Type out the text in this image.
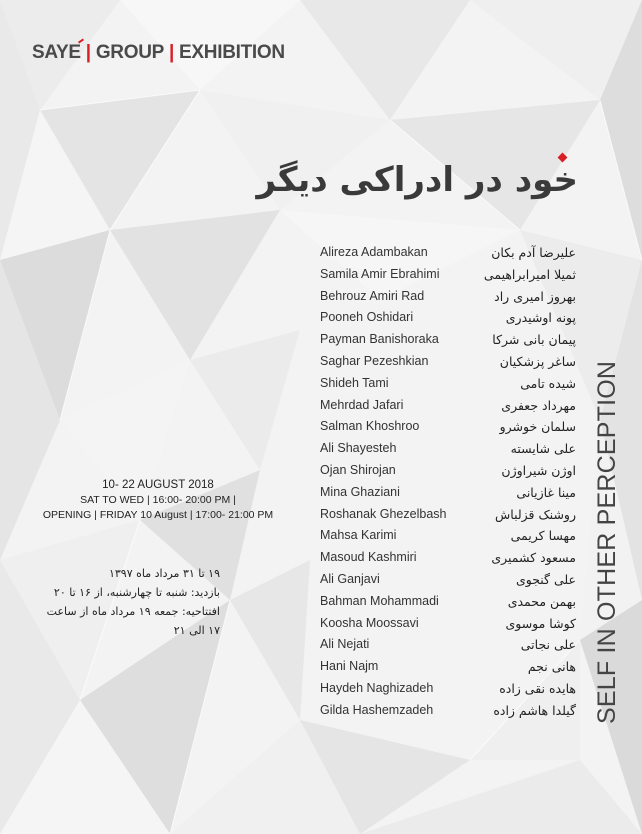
SAYE | GROUP | EXHIBITION
خود در ادراکی دیگر
Alireza Adambakan	علیرضا آدم بکان
Samila Amir Ebrahimi	ثمیلا امیرابراهیمی
Behrouz Amiri Rad	بهروز امیری راد
Pooneh Oshidari	پونه اوشیدری
Payman Banishoraka	پیمان بانی شرکا
Saghar Pezeshkian	ساغر پزشکیان
Shideh Tami	شیده تامی
Mehrdad Jafari	مهرداد جعفری
Salman Khoshroo	سلمان خوشرو
Ali Shayesteh	علی شایسته
Ojan Shirojan	اوژن شیراوژن
Mina Ghaziani	مینا غازیانی
Roshanak Ghezelbash	روشنک قزلباش
Mahsa Karimi	مهسا کریمی
Masoud Kashmiri	مسعود کشمیری
Ali Ganjavi	علی گنجوی
Bahman Mohammadi	بهمن محمدی
Koosha Moossavi	کوشا موسوی
Ali Nejati	علی نجاتی
Hani Najm	هانی نجم
Haydeh Naghizadeh	هایده نقی زاده
Gilda Hashemzadeh	گیلدا هاشم زاده SELF IN OTHER PERCEPTION
10- 22 AUGUST 2018
SAT TO WED | 16:00- 20:00 PM |
OPENING | FRIDAY 10 August | 17:00- 21:00 PM
۱۹ تا ۳۱ مرداد ماه ۱۳۹۷
بازدید: شنبه تا چهارشنبه، از ۱۶ تا ۲۰
افتتاحیه: جمعه ۱۹ مرداد ماه از ساعت ۱۷ الی ۲۱
